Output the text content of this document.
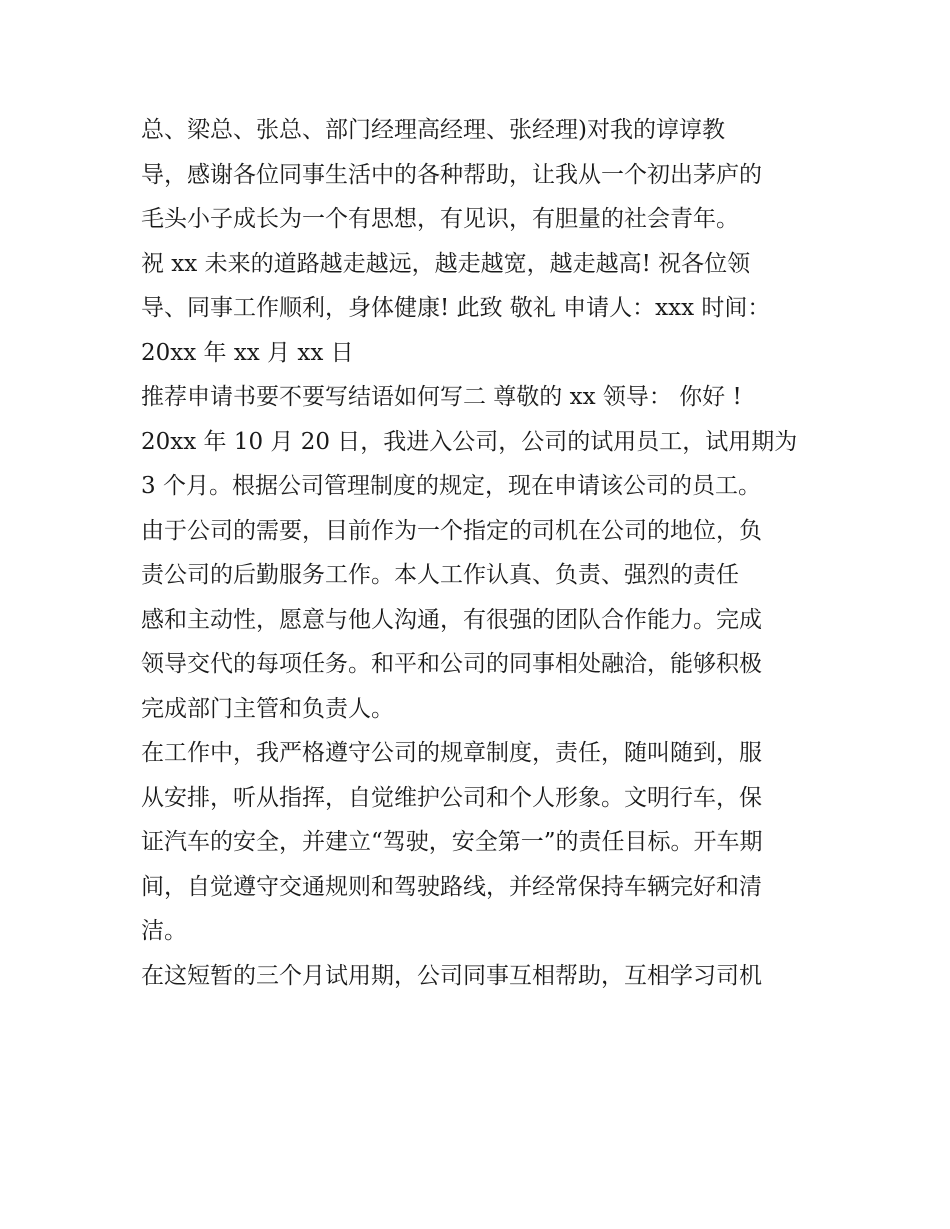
总、梁总、张总、部门经理高经理、张经理)对我的谆谆教
导，感谢各位同事生活中的各种帮助，让我从一个初出茅庐的
毛头小子成长为一个有思想，有见识，有胆量的社会青年。
祝 xx 未来的道路越走越远，越走越宽，越走越高! 祝各位领
导、同事工作顺利，身体健康! 此致 敬礼 申请人：xxx 时间：
20xx 年 xx 月 xx 日
推荐申请书要不要写结语如何写二 尊敬的 xx 领导： 你好 !
20xx 年 10 月 20 日，我进入公司，公司的试用员工，试用期为
3 个月。根据公司管理制度的规定，现在申请该公司的员工。
由于公司的需要，目前作为一个指定的司机在公司的地位，负
责公司的后勤服务工作。本人工作认真、负责、强烈的责任
感和主动性，愿意与他人沟通，有很强的团队合作能力。完成
领导交代的每项任务。和平和公司的同事相处融洽，能够积极
完成部门主管和负责人。
在工作中，我严格遵守公司的规章制度，责任，随叫随到，服
从安排，听从指挥，自觉维护公司和个人形象。文明行车，保
证汽车的安全，并建立“驾驶，安全第一”的责任目标。开车期
间，自觉遵守交通规则和驾驶路线，并经常保持车辆完好和清
洁。
在这短暂的三个月试用期，公司同事互相帮助，互相学习司机
